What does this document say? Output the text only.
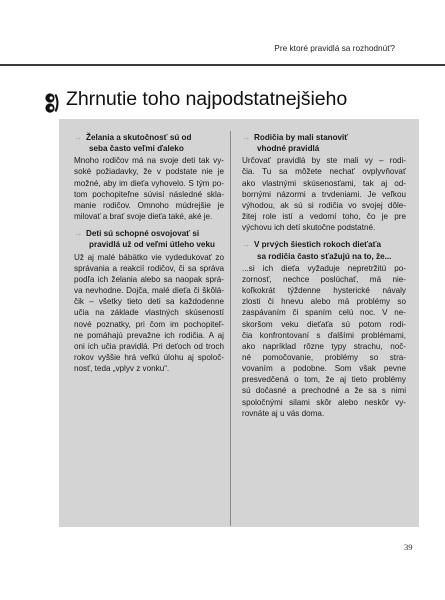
Pre ktoré pravidlá sa rozhodnúť?
Zhrnutie toho najpodstatnejšieho
→ Želania a skutočnosť sú od
seba často veľmi ďaleko
Mnoho rodičov má na svoje deti tak vy-
soké požiadavky, že v podstate nie je
možné, aby im dieťa vyhovelo. S tým po-
tom pochopiteľne súvisí následné skla-
manie rodičov. Omnoho múdrejšie je
milovať a brať svoje dieťa také, aké je.
→ Deti sú schopné osvojovať si
pravidlá už od veľmi útleho veku
Už aj malé bábätko vie vydedukovať zo
správania a reakcií rodičov, či sa správa
podľa ich želania alebo sa naopak sprá-
va nevhodne. Dojča, malé dieťa či škôlá-
čik – všetky tieto deti sa každodenne
učia na základe vlastných skúseností
nové poznatky, pri čom im pochopiteľ-
ne pomáhajú prevažne ich rodičia. A aj
oni ich učia pravidlá. Pri deťoch od troch
rokov vyššie hrá veľkú úlohu aj spoloč-
nosť, teda „vplyv z vonku“.
→ Rodičia by mali stanoviť
vhodné pravidlá
Určovať pravidlá by ste mali vy – rodi-
čia. Tu sa môžete nechať ovplyvňovať
ako vlastnými skúsenosťami, tak aj od-
bornými názormi a trvdeniami. Je veľkou
výhodou, ak sú si rodičia vo svojej dôle-
žitej role istí a vedomí toho, čo je pre
výchovu ich detí skutočne podstatné.
→ V prvých šiestich rokoch dieťaťa
sa rodičia často sťažujú na to, že...
...si ich dieťa vyžaduje nepretržitú po-
zornosť, nechce poslúchať, má nie-
koľkokrát týždenne hysterické návaly
zlosti či hnevu alebo má problémy so
zaspávaním či spaním celú noc. V ne-
skoršom veku dieťaťa sú potom rodi-
čia konfrontovaní s ďalšími problémami,
ako napríklad rôzne typy strachu, noč-
né pomočovanie, problémy so stra-
vovaním a podobne. Som však pevne
presvedčená o tom, že aj tieto problémy
sú dočasné a prechodné a že sa s nimi
spoločnými silami skôr alebo neskôr vy-
rovnáte aj u vás doma.
39
